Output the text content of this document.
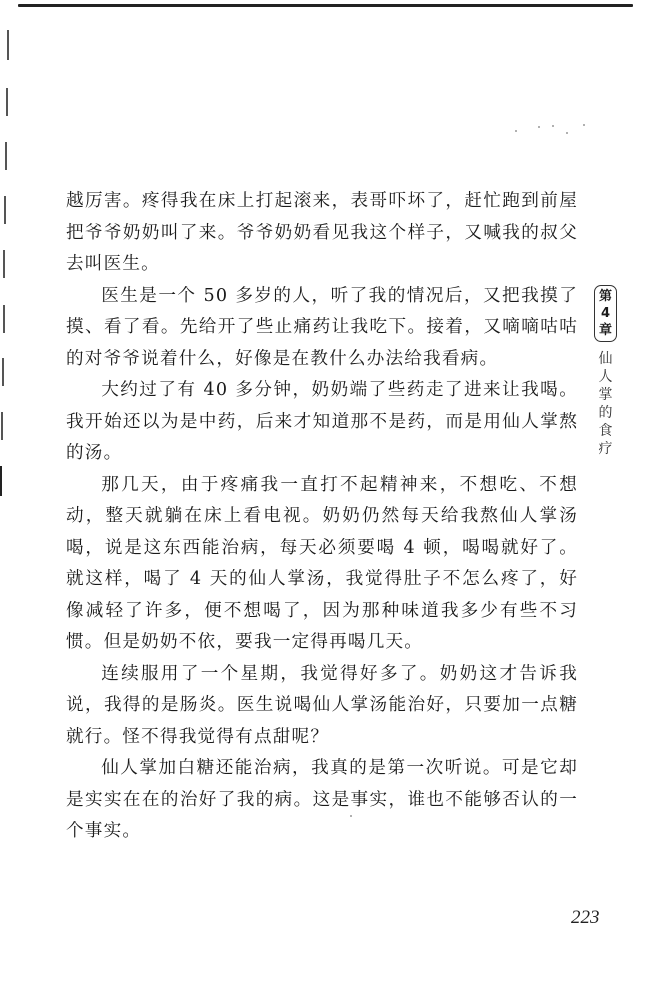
越厉害。疼得我在床上打起滚来，表哥吓坏了，赶忙跑到前屋把爷爷奶奶叫了来。爷爷奶奶看见我这个样子，又喊我的叔父去叫医生。

医生是一个 50 多岁的人，听了我的情况后，又把我摸了摸、看了看。先给开了些止痛药让我吃下。接着，又嘀嘀咕咕的对爷爷说着什么，好像是在教什么办法给我看病。

大约过了有 40 多分钟，奶奶端了些药走了进来让我喝。我开始还以为是中药，后来才知道那不是药，而是用仙人掌熬的汤。

那几天，由于疼痛我一直打不起精神来，不想吃、不想动，整天就躺在床上看电视。奶奶仍然每天给我熬仙人掌汤喝，说是这东西能治病，每天必须要喝 4 顿，喝喝就好了。就这样，喝了 4 天的仙人掌汤，我觉得肚子不怎么疼了，好像减轻了许多，便不想喝了，因为那种味道我多少有些不习惯。但是奶奶不依，要我一定得再喝几天。

连续服用了一个星期，我觉得好多了。奶奶这才告诉我说，我得的是肠炎。医生说喝仙人掌汤能治好，只要加一点糖就行。怪不得我觉得有点甜呢？

仙人掌加白糖还能治病，我真的是第一次听说。可是它却是实实在在的治好了我的病。这是事实，谁也不能够否认的一个事实。

第
4
章
仙
人
掌
的
食
疗
223
